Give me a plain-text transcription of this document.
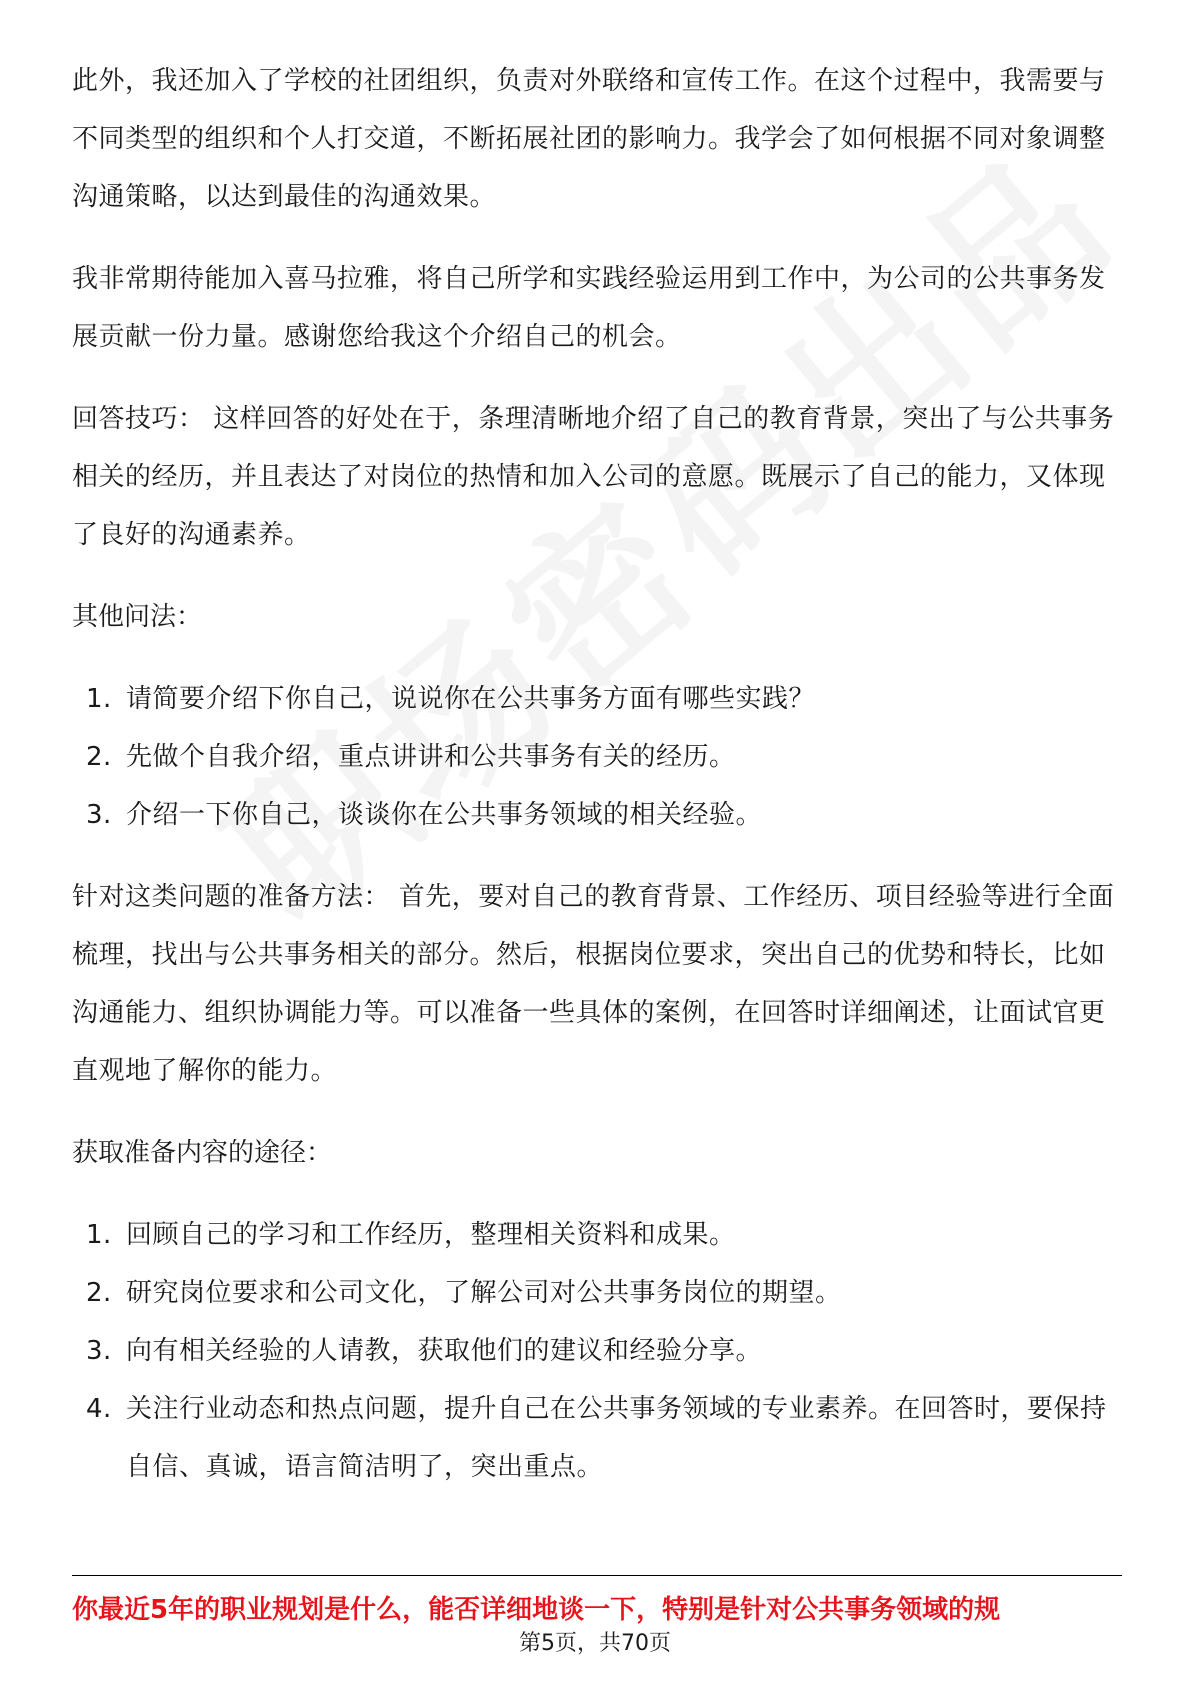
此外，我还加入了学校的社团组织，负责对外联络和宣传工作。在这个过程中，我需要与不同类型的组织和个人打交道，不断拓展社团的影响力。我学会了如何根据不同对象调整沟通策略，以达到最佳的沟通效果。

我非常期待能加入喜马拉雅，将自己所学和实践经验运用到工作中，为公司的公共事务发展贡献一份力量。感谢您给我这个介绍自己的机会。

回答技巧： 这样回答的好处在于，条理清晰地介绍了自己的教育背景，突出了与公共事务相关的经历，并且表达了对岗位的热情和加入公司的意愿。既展示了自己的能力，又体现了良好的沟通素养。

其他问法：

1. 请简要介绍下你自己，说说你在公共事务方面有哪些实践？
2. 先做个自我介绍，重点讲讲和公共事务有关的经历。
3. 介绍一下你自己，谈谈你在公共事务领域的相关经验。

针对这类问题的准备方法： 首先，要对自己的教育背景、工作经历、项目经验等进行全面梳理，找出与公共事务相关的部分。然后，根据岗位要求，突出自己的优势和特长，比如沟通能力、组织协调能力等。可以准备一些具体的案例，在回答时详细阐述，让面试官更直观地了解你的能力。

获取准备内容的途径：

1. 回顾自己的学习和工作经历，整理相关资料和成果。
2. 研究岗位要求和公司文化，了解公司对公共事务岗位的期望。
3. 向有相关经验的人请教，获取他们的建议和经验分享。
4. 关注行业动态和热点问题，提升自己在公共事务领域的专业素养。在回答时，要保持自信、真诚，语言简洁明了，突出重点。
你最近5年的职业规划是什么，能否详细地谈一下，特别是针对公共事务领域的规
第5页，共70页
